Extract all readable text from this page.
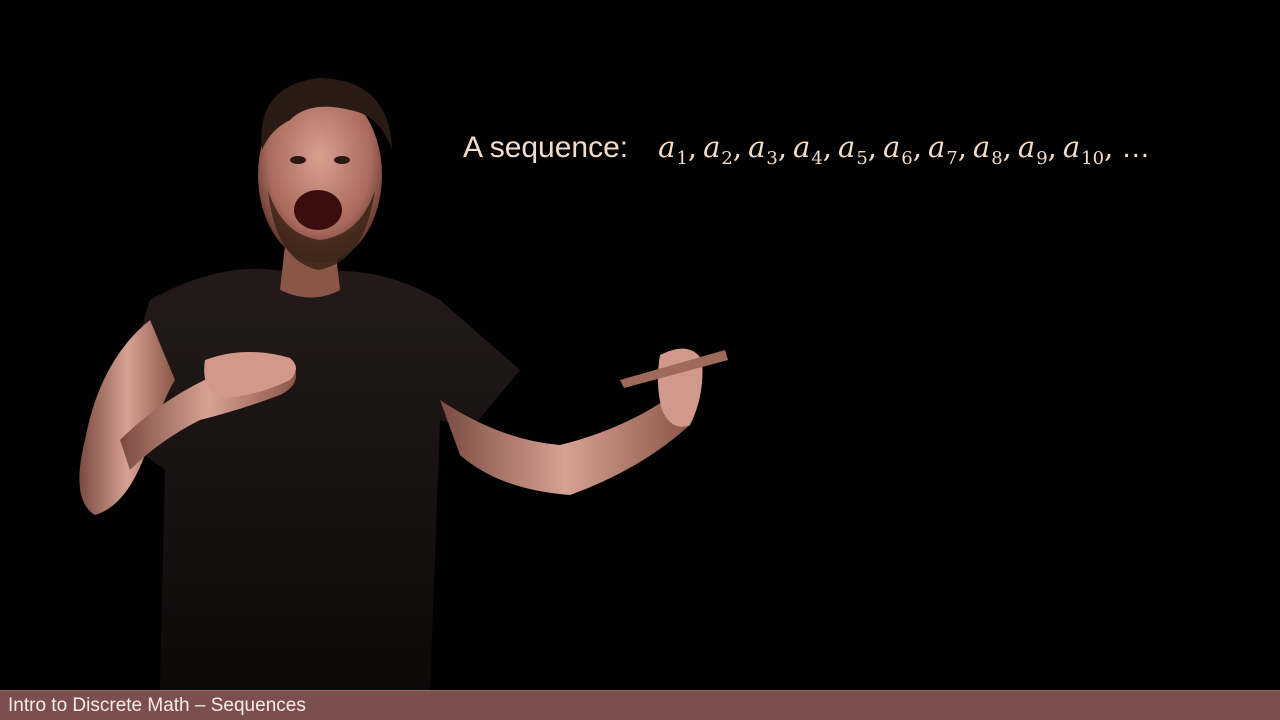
A sequence: $a_1$ , $a_2$ , $a_3$ , $a_4$ , $a_5$ , $a_6$ , $a_7$ , $a_8$ , $a_9$ , $a_{10}$ , …
Intro to Discrete Math – Sequences
